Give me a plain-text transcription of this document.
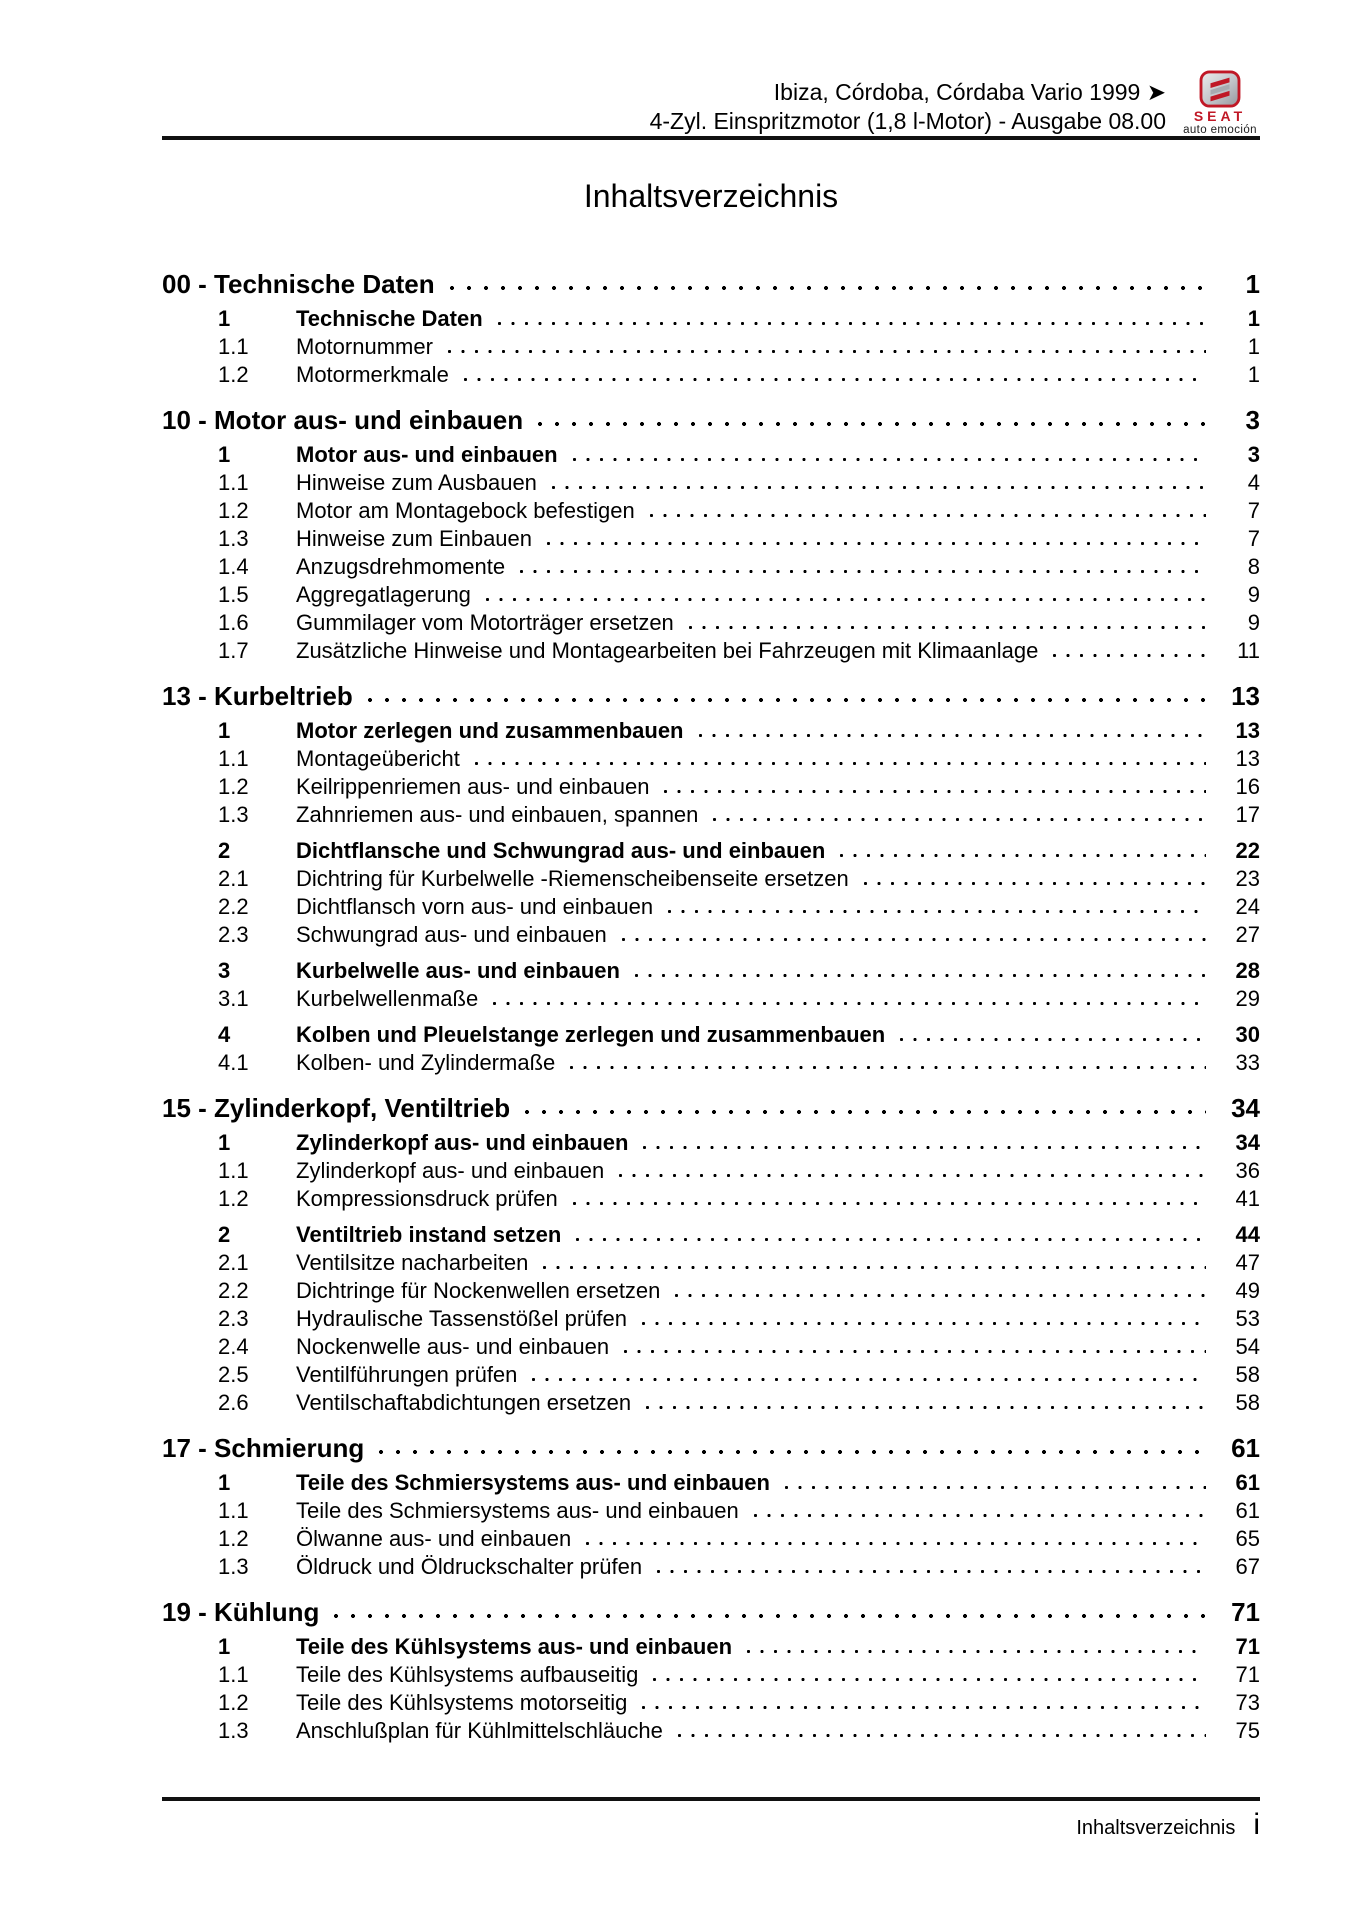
Ibiza, Córdoba, Córdaba Vario 1999 ➤
4-Zyl. Einspritzmotor (1,8 l-Motor) - Ausgabe 08.00 SEAT
auto emoción
Inhaltsverzeichnis
00 - Technische Daten	1
1	Technische Daten	1
1.1	Motornummer	1
1.2	Motormerkmale	1
10 - Motor aus- und einbauen	3
1	Motor aus- und einbauen	3
1.1	Hinweise zum Ausbauen	4
1.2	Motor am Montagebock befestigen	7
1.3	Hinweise zum Einbauen	7
1.4	Anzugsdrehmomente	8
1.5	Aggregatlagerung	9
1.6	Gummilager vom Motorträger ersetzen	9
1.7	Zusätzliche Hinweise und Montagearbeiten bei Fahrzeugen mit Klimaanlage	11
13 - Kurbeltrieb	13
1	Motor zerlegen und zusammenbauen	13
1.1	Montageübericht	13
1.2	Keilrippenriemen aus- und einbauen	16
1.3	Zahnriemen aus- und einbauen, spannen	17
2	Dichtflansche und Schwungrad aus- und einbauen	22
2.1	Dichtring für Kurbelwelle -Riemenscheibenseite ersetzen	23
2.2	Dichtflansch vorn aus- und einbauen	24
2.3	Schwungrad aus- und einbauen	27
3	Kurbelwelle aus- und einbauen	28
3.1	Kurbelwellenmaße	29
4	Kolben und Pleuelstange zerlegen und zusammenbauen	30
4.1	Kolben- und Zylindermaße	33
15 - Zylinderkopf, Ventiltrieb	34
1	Zylinderkopf aus- und einbauen	34
1.1	Zylinderkopf aus- und einbauen	36
1.2	Kompressionsdruck prüfen	41
2	Ventiltrieb instand setzen	44
2.1	Ventilsitze nacharbeiten	47
2.2	Dichtringe für Nockenwellen ersetzen	49
2.3	Hydraulische Tassenstößel prüfen	53
2.4	Nockenwelle aus- und einbauen	54
2.5	Ventilführungen prüfen	58
2.6	Ventilschaftabdichtungen ersetzen	58
17 - Schmierung	61
1	Teile des Schmiersystems aus- und einbauen	61
1.1	Teile des Schmiersystems aus- und einbauen	61
1.2	Ölwanne aus- und einbauen	65
1.3	Öldruck und Öldruckschalter prüfen	67
19 - Kühlung	71
1	Teile des Kühlsystems aus- und einbauen	71
1.1	Teile des Kühlsystems aufbauseitig	71
1.2	Teile des Kühlsystems motorseitig	73
1.3	Anschlußplan für Kühlmittelschläuche	75
Inhaltsverzeichnis i
